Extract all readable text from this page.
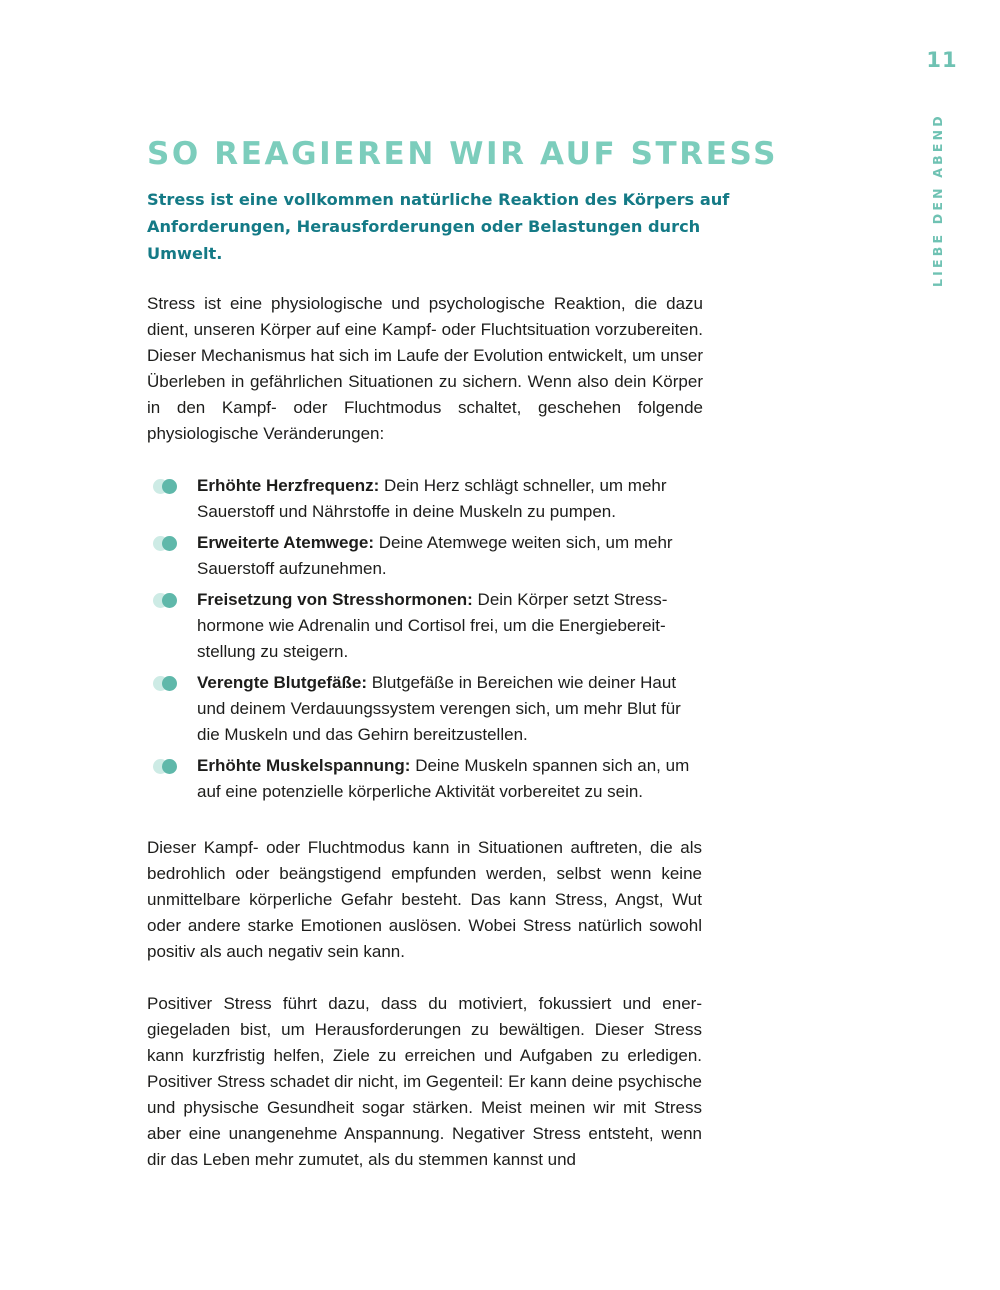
11
LIEBE DEN ABEND
SO REAGIEREN WIR AUF STRESS

Stress ist eine vollkommen natürliche Reaktion des Körpers auf Anforderungen, Herausforderungen oder Belastungen durch Umwelt.

Stress ist eine physiologische und psychologische Reaktion, die dazu dient, unseren Körper auf eine Kampf- oder Fluchtsituation vorzubereiten. Dieser Mechanismus hat sich im Laufe der Evolution entwickelt, um unser Überleben in gefährlichen Situationen zu sichern. Wenn also dein Körper in den Kampf- oder Fluchtmodus schaltet, geschehen folgende physiologische Veränderungen:

Erhöhte Herzfrequenz: Dein Herz schlägt schneller, um mehr Sauerstoff und Nährstoffe in deine Muskeln zu pumpen.
Erweiterte Atemwege: Deine Atemwege weiten sich, um mehr Sauerstoff aufzunehmen.
Freisetzung von Stresshormonen: Dein Körper setzt Stresshormone wie Adrenalin und Cortisol frei, um die Energiebereitstellung zu steigern.
Verengte Blutgefäße: Blutgefäße in Bereichen wie deiner Haut und deinem Verdauungssystem verengen sich, um mehr Blut für die Muskeln und das Gehirn bereitzustellen.
Erhöhte Muskelspannung: Deine Muskeln spannen sich an, um auf eine potenzielle körperliche Aktivität vorbereitet zu sein.

Dieser Kampf- oder Fluchtmodus kann in Situationen auftreten, die als bedrohlich oder beängstigend empfunden werden, selbst wenn keine unmittelbare körperliche Gefahr besteht. Das kann Stress, Angst, Wut oder andere starke Emotionen auslösen. Wobei Stress natürlich sowohl positiv als auch negativ sein kann.

Positiver Stress führt dazu, dass du motiviert, fokussiert und energiegeladen bist, um Herausforderungen zu bewältigen. Dieser Stress kann kurzfristig helfen, Ziele zu erreichen und Aufgaben zu erledigen. Positiver Stress schadet dir nicht, im Gegenteil: Er kann deine psychische und physische Gesundheit sogar stärken. Meist meinen wir mit Stress aber eine unangenehme Anspannung. Negativer Stress entsteht, wenn dir das Leben mehr zumutet, als du stemmen kannst und
